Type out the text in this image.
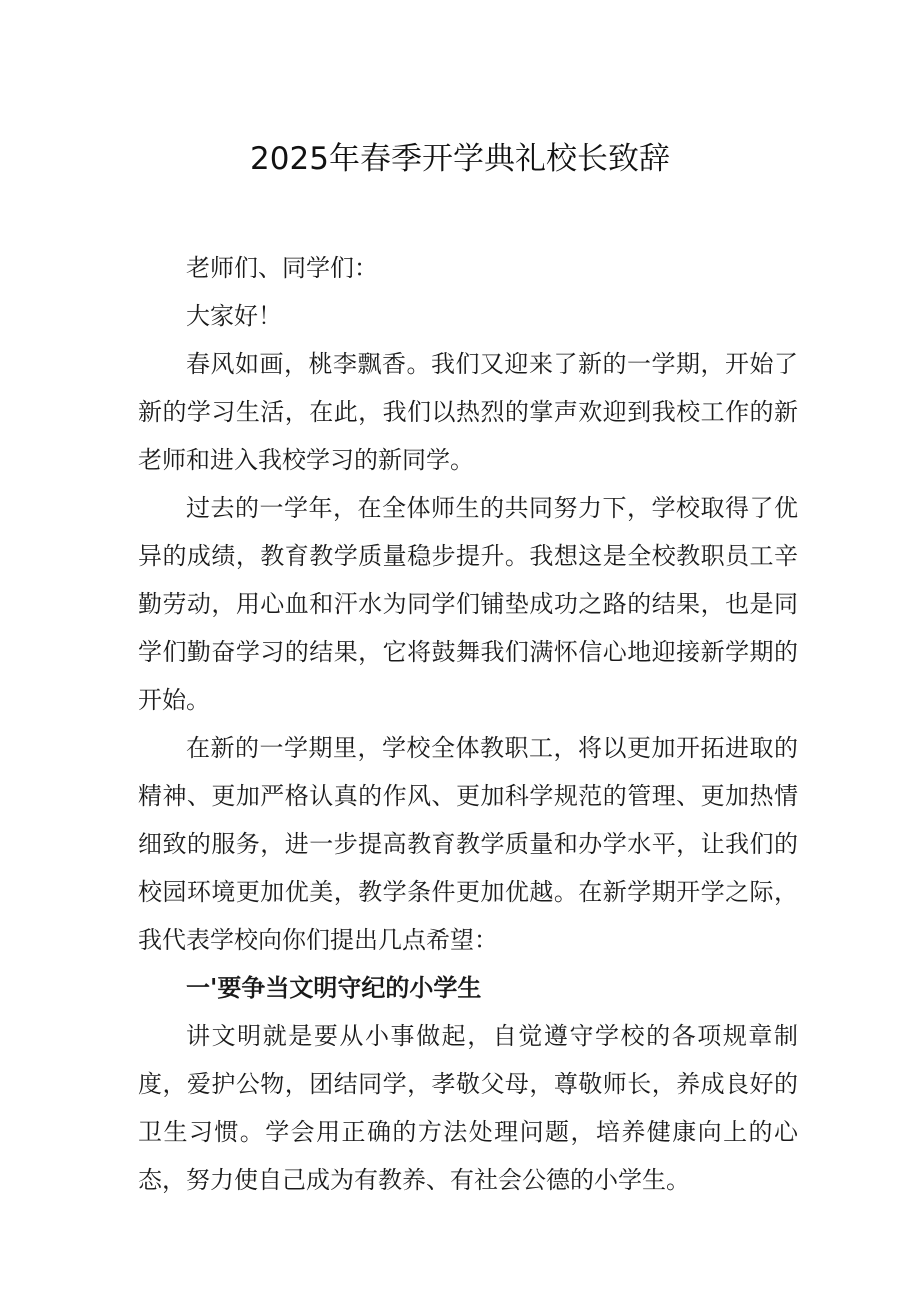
2025年春季开学典礼校长致辞

老师们、同学们：

大家好！

春风如画，桃李飘香。我们又迎来了新的一学期，开始了新的学习生活，在此，我们以热烈的掌声欢迎到我校工作的新老师和进入我校学习的新同学。

过去的一学年，在全体师生的共同努力下，学校取得了优异的成绩，教育教学质量稳步提升。我想这是全校教职员工辛勤劳动，用心血和汗水为同学们铺垫成功之路的结果，也是同学们勤奋学习的结果，它将鼓舞我们满怀信心地迎接新学期的开始。

在新的一学期里，学校全体教职工，将以更加开拓进取的精神、更加严格认真的作风、更加科学规范的管理、更加热情细致的服务，进一步提高教育教学质量和办学水平，让我们的校园环境更加优美，教学条件更加优越。在新学期开学之际，我代表学校向你们提出几点希望：

一'要争当文明守纪的小学生

讲文明就是要从小事做起，自觉遵守学校的各项规章制度，爱护公物，团结同学，孝敬父母，尊敬师长，养成良好的卫生习惯。学会用正确的方法处理问题，培养健康向上的心态，努力使自己成为有教养、有社会公德的小学生。
